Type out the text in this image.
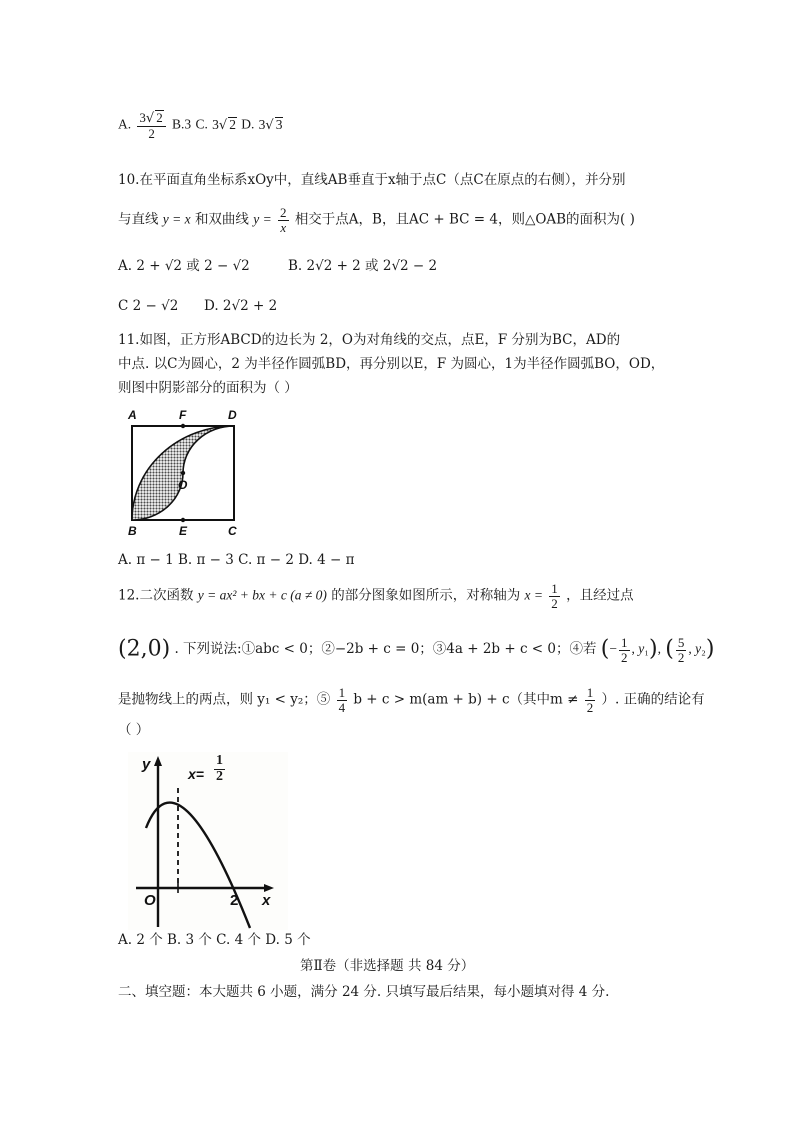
A. $\frac{3√ 2}{2} B.3$ C. 3√ 2 D. 3√ 3
10.在平面直角坐标系xOy中，直线AB垂直于x轴于点C（点C在原点的右侧），并分别
与直线 y = x 和双曲线 $y = \frac{2}{x}$ 相交于点A，B，且AC + BC = 4，则△OAB的面积为( )
A. 2 + √2 或 2 − √2	B. 2√2 + 2 或 2√2 − 2
C 2 − √2 D. 2√2 + 2
11.如图，正方形ABCD的边长为 2，O为对角线的交点，点E，F 分别为BC，AD的
中点. 以C为圆心，2 为半径作圆弧BD，再分别以E，F 为圆心，1为半径作圆弧BO，OD，
则图中阴影部分的面积为（ ）
A	F	D
O
B	E	C
A. π − 1 B. π − 3 C. π − 2 D. 4 − π
12.二次函数 y = ax² + bx + c (a ≠ 0) 的部分图象如图所示，对称轴为 $x = \frac{1}{2}$ ，且经过点
(2,0) . 下列说法:①abc < 0；②−2b + c = 0；③4a + 2b + c < 0；④若 (− $\frac{1}{2}$ , y₁), ( $\frac{5}{2}$ , y₂)
是抛物线上的两点，则 y₁ < y₂；⑤ $\frac{1}{4}$ b + c > m(am + b) + c（其中$m \ne \frac{1}{2}$ ）. 正确的结论有
（ ）
y
$x= \frac{1}{2}$
O	2 x
A. 2 个 B. 3 个 C. 4 个 D. 5 个
第Ⅱ卷（非选择题 共 84 分）
二、填空题：本大题共 6 小题，满分 24 分. 只填写最后结果，每小题填对得 4 分.
